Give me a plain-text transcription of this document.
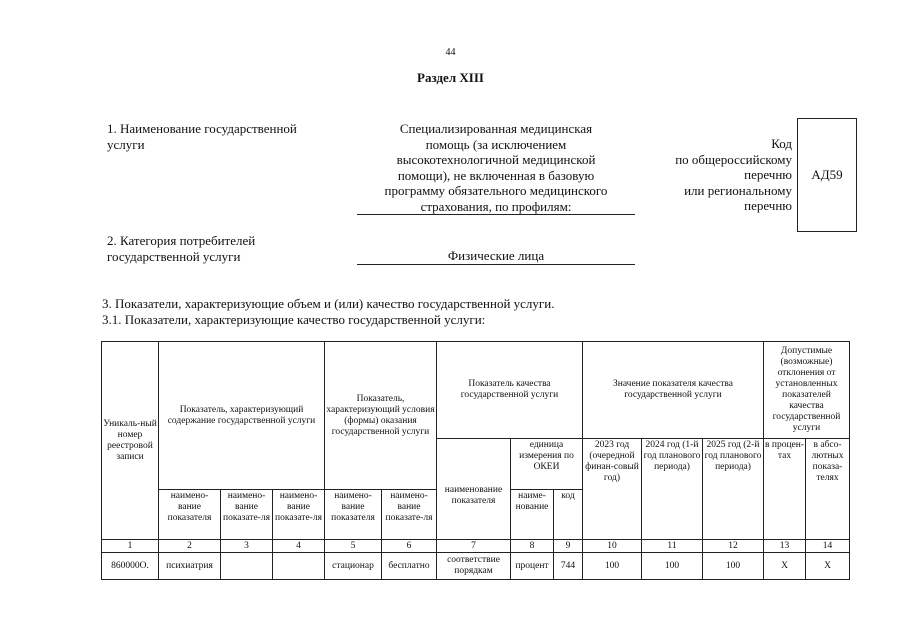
44
Раздел XIII
1. Наименование государственной
услуги
Специализированная медицинская
помощь (за исключением
высокотехнологичной медицинской
помощи), не включенная в базовую
программу обязательного медицинского
страхования, по профилям:
Код
по общероссийскому
перечню
или региональному
перечню
АД59
2. Категория потребителей
государственной услуги	Физические лица
3. Показатели, характеризующие объем и (или) качество государственной услуги.
3.1. Показатели, характеризующие качество государственной услуги:
Уникаль-ный номер реестровой записи	Показатель, характеризующий содержание государственной услуги			Показатель, характеризующий условия (формы) оказания государственной услуги		Показатель качества государственной услуги			Значение показателя качества государственной услуги			Допустимые (возможные) отклонения от установленных показателей качества государственной услуги	
						наименование показателя	единица измерения по ОКЕИ		2023 год (очередной финан-совый год)	2024 год (1-й год планового периода)	2025 год (2-й год планового периода)	в процен-тах	в абсо-лютных показа-телях
	наимено-вание показателя	наимено-вание показате-ля	наимено-вание показате-ля	наимено-вание показателя	наимено-вание показате-ля		наиме-нование	код					
1	2	3	4	5	6	7	8	9	10	11	12	13	14
860000О.	психиатрия			стационар	бесплатно	соответствие порядкам	процент	744	100	100	100	Х	Х
